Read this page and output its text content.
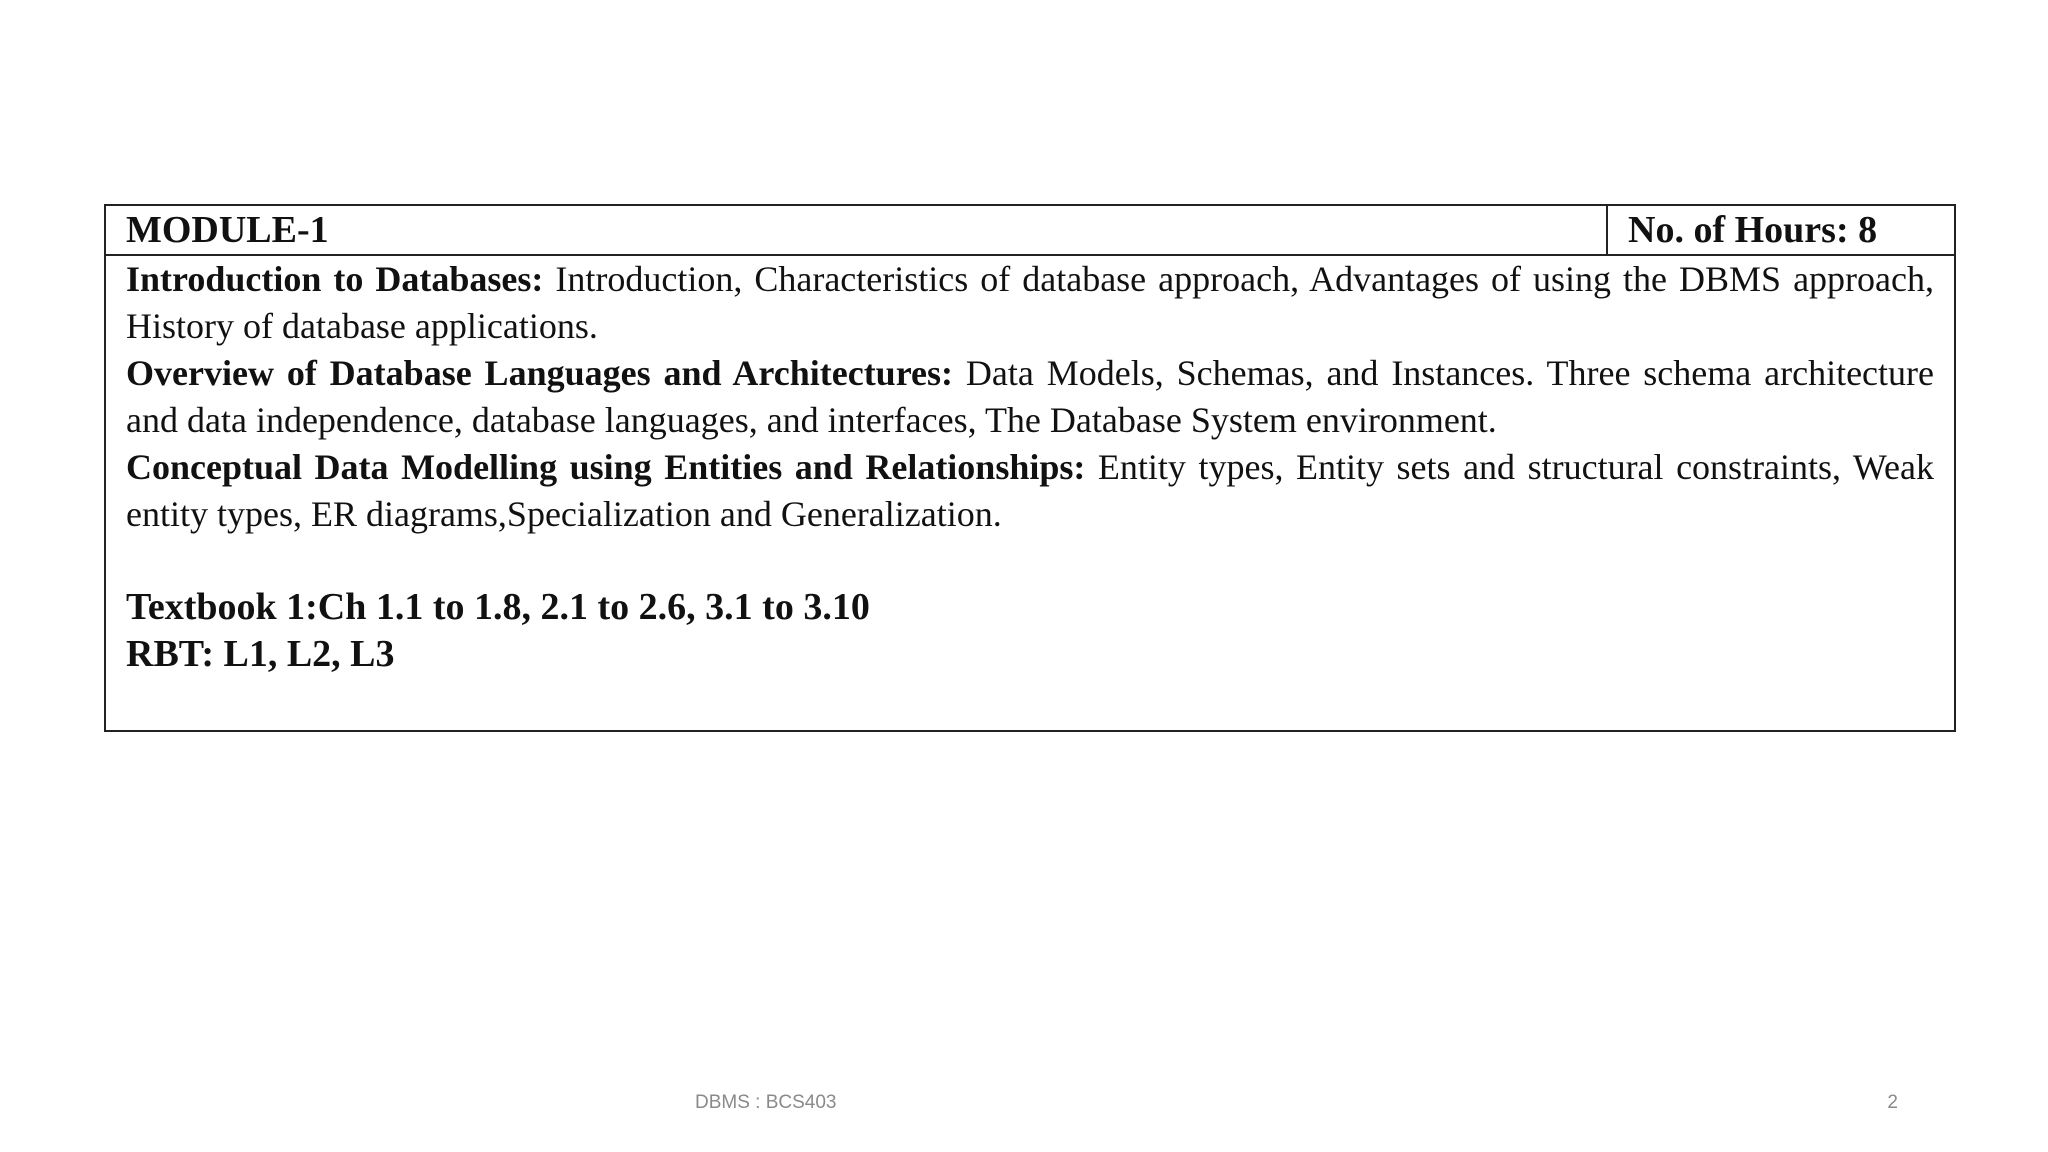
MODULE-1	No. of Hours: 8

Introduction to Databases: Introduction, Characteristics of database approach, Advantages of using the DBMS approach, History of database applications.

Overview of Database Languages and Architectures: Data Models, Schemas, and Instances. Three schema architecture and data independence, database languages, and interfaces, The Database System environment.

Conceptual Data Modelling using Entities and Relationships: Entity types, Entity sets and structural constraints, Weak entity types, ER diagrams,Specialization and Generalization.

Textbook 1:Ch 1.1 to 1.8, 2.1 to 2.6, 3.1 to 3.10
RBT: L1, L2, L3
DBMS : BCS403	2
